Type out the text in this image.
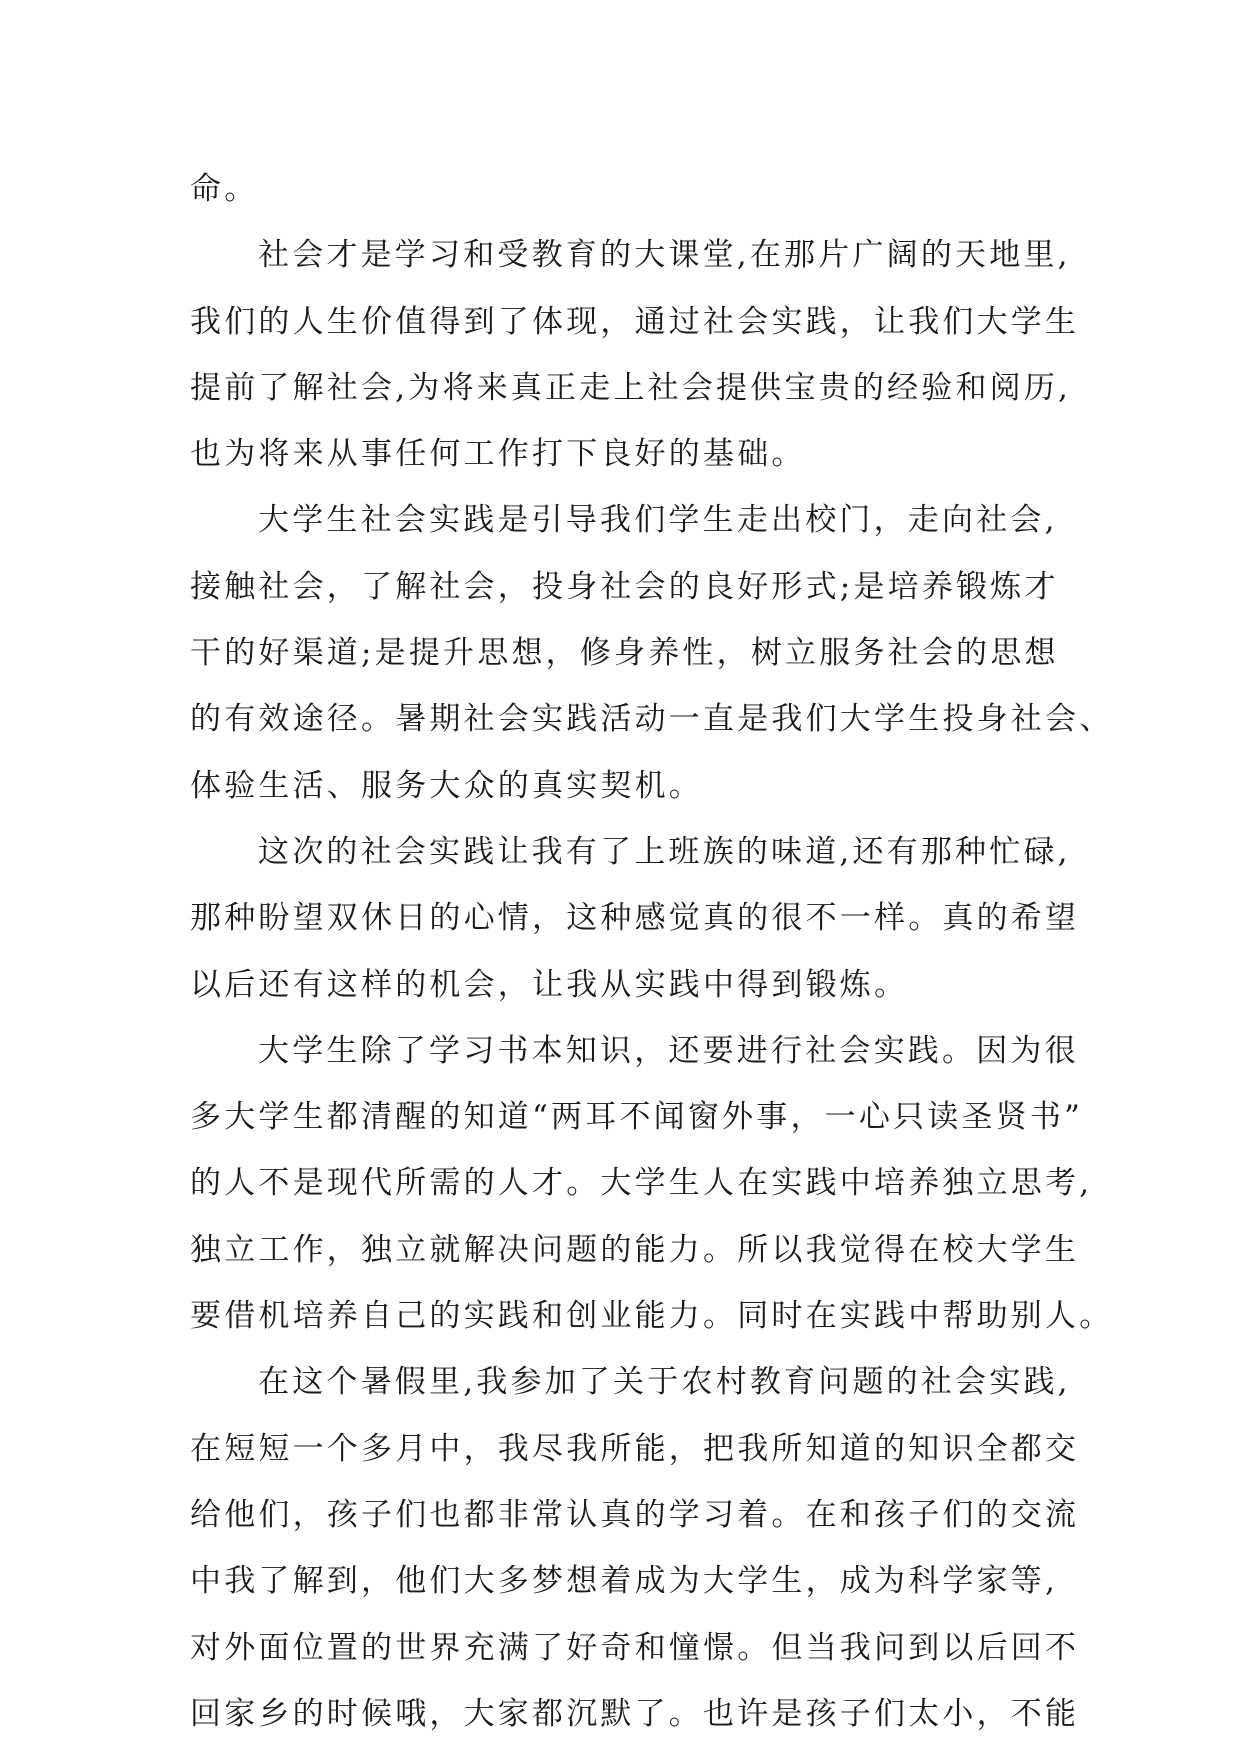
命。
社会才是学习和受教育的大课堂,在那片广阔的天地里,
我们的人生价值得到了体现，通过社会实践，让我们大学生
提前了解社会,为将来真正走上社会提供宝贵的经验和阅历,
也为将来从事任何工作打下良好的基础。
大学生社会实践是引导我们学生走出校门，走向社会,
接触社会，了解社会，投身社会的良好形式;是培养锻炼才
干的好渠道;是提升思想，修身养性，树立服务社会的思想
的有效途径。暑期社会实践活动一直是我们大学生投身社会、
体验生活、服务大众的真实契机。
这次的社会实践让我有了上班族的味道,还有那种忙碌,
那种盼望双休日的心情，这种感觉真的很不一样。真的希望
以后还有这样的机会，让我从实践中得到锻炼。
大学生除了学习书本知识，还要进行社会实践。因为很
多大学生都清醒的知道“两耳不闻窗外事，一心只读圣贤书”
的人不是现代所需的人才。大学生人在实践中培养独立思考,
独立工作，独立就解决问题的能力。所以我觉得在校大学生
要借机培养自己的实践和创业能力。同时在实践中帮助别人。
在这个暑假里,我参加了关于农村教育问题的社会实践,
在短短一个多月中，我尽我所能，把我所知道的知识全都交
给他们，孩子们也都非常认真的学习着。在和孩子们的交流
中我了解到，他们大多梦想着成为大学生，成为科学家等,
对外面位置的世界充满了好奇和憧憬。但当我问到以后回不
回家乡的时候哦，大家都沉默了。也许是孩子们太小，不能
